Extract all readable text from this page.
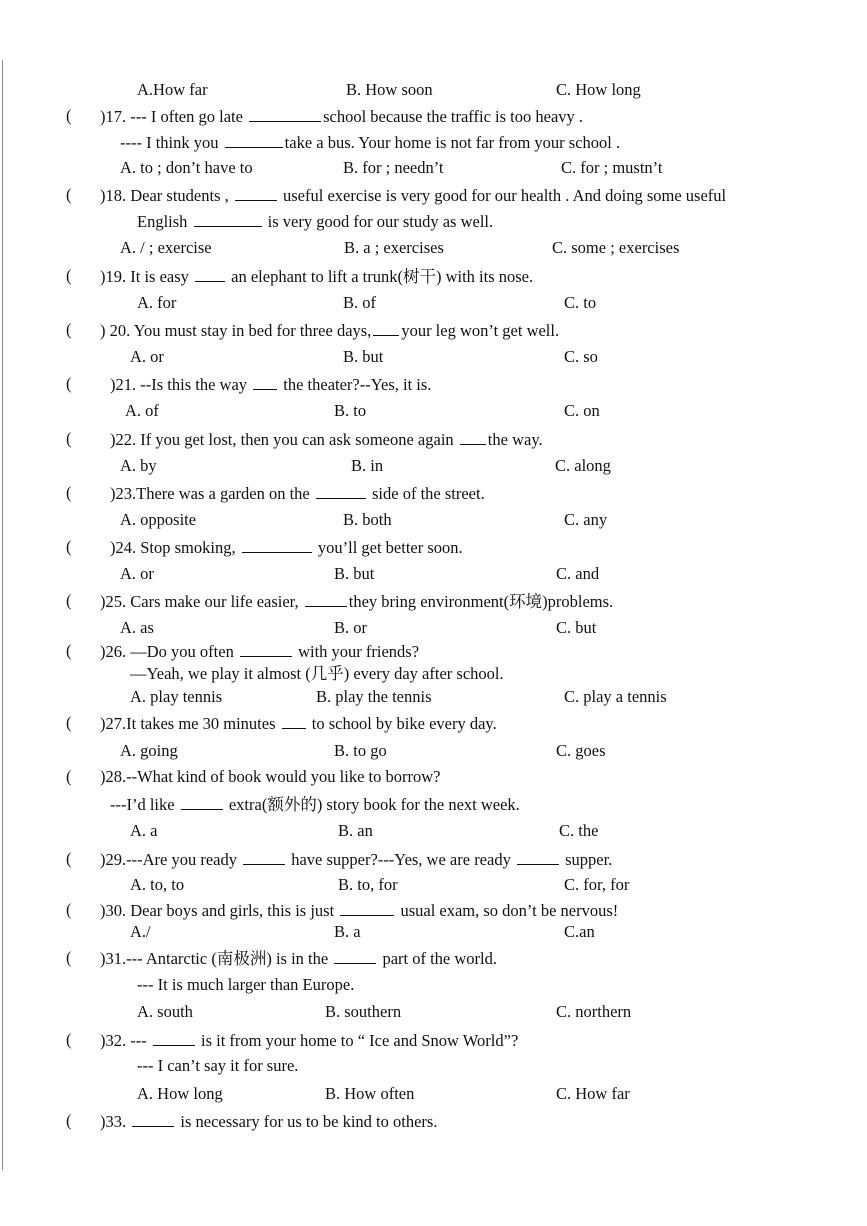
A.How far	B. How soon	C. How long
( )17. --- I often go late	school because the traffic is too heavy .
---- I think you	take a bus. Your home is not far from your school .
A. to ; don’t have to	B. for ; needn’t	C. for ; mustn’t
( )18. Dear students ,	useful exercise is very good for our health . And doing some useful
English	is very good for our study as well.
A. / ; exercise	B. a ; exercises	C. some ; exercises
( )19. It is easy  an elephant to lift a trunk(树干) with its nose.
A. for	B. of	C. to
( ) 20. You must stay in bed for three days, your leg won’t get well.
A. or	B. but	C. so
( )21. --Is this the way  the theater?--Yes, it is.
A. of	B. to	C. on
( )22. If you get lost, then you can ask someone again the way.
A. by	B. in	C. along
( )23.There was a garden on the	side of the street.
A. opposite	B. both	C. any
( )24. Stop smoking,	you’ll get better soon.
A. or	B. but	C. and
( )25. Cars make our life easier,	they bring environment(环境)problems.
A. as	B. or	C. but
( )26. —Do you often	with your friends?
—Yeah, we play it almost (几乎) every day after school.
A. play tennis	B. play the tennis	C. play a tennis
( )27.It takes me 30 minutes  to school by bike every day.
A. going	B. to go	C. goes
( )28.--What kind of book would you like to borrow?
---I’d like	extra(额外的) story book for the next week.
A. a	B. an	C. the
( )29.---Are you ready	have supper?---Yes, we are ready	supper.
A. to, to	B. to, for	C. for, for
( )30. Dear boys and girls, this is just	usual exam, so don’t be nervous!
A./	B. a	C.an
( )31.--- Antarctic (南极洲) is in the	part of the world.
--- It is much larger than Europe.
A. south	B. southern	C. northern
( )32. ---	is it from your home to “ Ice and Snow World”?
--- I can’t say it for sure.
A. How long	B. How often	C. How far
( )33.	is necessary for us to be kind to others.
